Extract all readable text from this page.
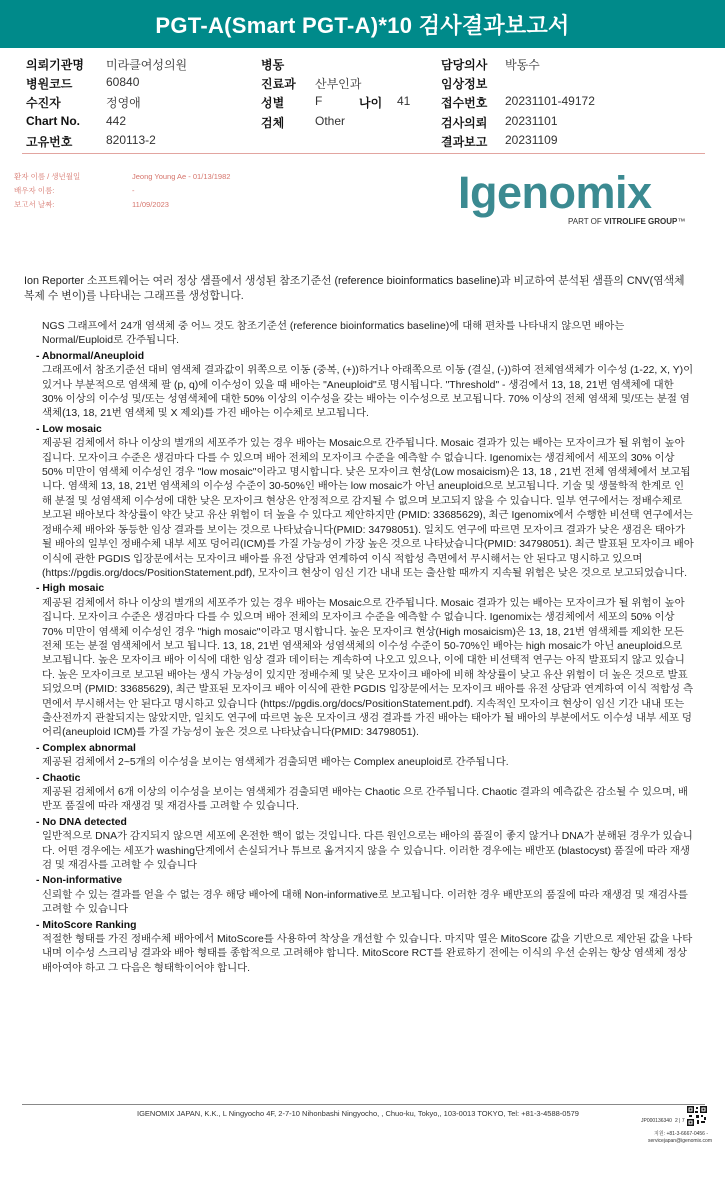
PGT-A(Smart PGT-A)*10 검사결과보고서
의뢰기관명 미라클여성의원
병원코드	60840
수진자	정영애
Chart No. 442
고유번호	820113-2
병동
진료과 산부인과
성별	F	나이 41
검체	Other
담당의사 박동수
임상정보
접수번호 20231101-49172
검사의뢰 20231101
결과보고 20231109
환자 이름 / 생년월일	Jeong Young Ae - 01/13/1982
배우자 이름:	-
보고서 날짜:	11/09/2023	Igenomix
PART OF VITROLIFE GROUP™
Ion Reporter 소프트웨어는 여러 정상 샘플에서 생성된 참조기준선 (reference bioinformatics baseline)과 비교하여 분석된 샘플의 CNV(염색체 복제 수 변이)를 나타내는 그래프를 생성합니다.

NGS 그래프에서 24개 염색체 중 어느 것도 참조기준선 (reference bioinformatics baseline)에 대해 편차를 나타내지 않으면 배아는 Normal/Euploid로 간주됩니다.

- Abnormal/Aneuploid

그래프에서 참조기준선 대비 염색체 결과값이 위쪽으로 이동 (중복, (+))하거나 아래쪽으로 이동 (결실, (-))하여 전체염색체가 이수성 (1-22, X, Y)이 있거나 부분적으로 염색체 팔 (p, q)에 이수성이 있을 때 배아는 "Aneuploid"로 명시됩니다. "Threshold" - 생검에서 13, 18, 21번 염색체에 대한 30% 이상의 이수성 및/또는 성염색체에 대한 50% 이상의 이수성을 갖는 배아는 이수성으로 보고됩니다. 70% 이상의 전체 염색체 및/또는 분절 염색체(13, 18, 21번 염색체 및 X 제외)를 가진 배아는 이수체로 보고됩니다.

- Low mosaic

제공된 검체에서 하나 이상의 별개의 세포주가 있는 경우 배아는 Mosaic으로 간주됩니다. Mosaic 결과가 있는 배아는 모자이크가 될 위험이 높아집니다. 모자이크 수준은 생검마다 다를 수 있으며 배아 전체의 모자이크 수준을 예측할 수 없습니다. Igenomix는 생검체에서 세포의 30% 이상 50% 미만이 염색체 이수성인 경우 "low mosaic"이라고 명시합니다. 낮은 모자이크 현상(Low mosaicism)은 13, 18 , 21번 전체 염색체에서 보고됩니다. 염색체 13, 18, 21번 염색체의 이수성 수준이 30-50%인 배아는 low mosaic가 아닌 aneuploid으로 보고됩니다. 기술 및 생물학적 한계로 인해 분절 및 성염색체 이수성에 대한 낮은 모자이크 현상은 안정적으로 감지될 수 없으며 보고되지 않을 수 있습니다. 일부 연구에서는 정배수체로 보고된 배아보다 착상률이 약간 낮고 유산 위험이 더 높을 수 있다고 제안하지만 (PMID: 33685629), 최근 Igenomix에서 수행한 비선택 연구에서는 정배수체 배아와 동등한 임상 결과를 보이는 것으로 나타났습니다(PMID: 34798051). 일치도 연구에 따르면 모자이크 결과가 낮은 생검은 태아가 될 배아의 일부인 정배수체 내부 세포 덩어리(ICM)를 가질 가능성이 가장 높은 것으로 나타났습니다(PMID: 34798051). 최근 발표된 모자이크 배아 이식에 관한 PGDIS 입장문에서는 모자이크 배아를 유전 상담과 연계하여 이식 적합성 측면에서 무시해서는 안 된다고 명시하고 있으며 (https://pgdis.org/docs/PositionStatement.pdf), 모자이크 현상이 임신 기간 내내 또는 출산할 때까지 지속될 위험은 낮은 것으로 보고되었습니다.

- High mosaic

제공된 검체에서 하나 이상의 별개의 세포주가 있는 경우 배아는 Mosaic으로 간주됩니다. Mosaic 결과가 있는 배아는 모자이크가 될 위험이 높아집니다. 모자이크 수준은 생검마다 다를 수 있으며 배아 전체의 모자이크 수준을 예측할 수 없습니다. Igenomix는 생검체에서 세포의 50% 이상 70% 미만이 염색체 이수성인 경우 "high mosaic"이라고 명시합니다. 높은 모자이크 현상(High mosaicism)은 13, 18, 21번 염색체를 제외한 모든 전체 또는 분절 염색체에서 보고 됩니다. 13, 18, 21번 염색체와 성염색체의 이수성 수준이 50-70%인 배아는 high mosaic가 아닌 aneuploid으로 보고됩니다. 높은 모자이크 배아 이식에 대한 임상 결과 데이터는 계속하여 나오고 있으나, 이에 대한 비선택적 연구는 아직 발표되지 않고 있습니다. 높은 모자이크로 보고된 배아는 생식 가능성이 있지만 정배수체 및 낮은 모자이크 배아에 비해 착상률이 낮고 유산 위험이 더 높은 것으로 발표되었으며 (PMID: 33685629), 최근 발표된 모자이크 배아 이식에 관한 PGDIS 입장문에서는 모자이크 배아를 유전 상담과 연계하여 이식 적합성 측면에서 무시해서는 안 된다고 명시하고 있습니다 (https://pgdis.org/docs/PositionStatement.pdf). 지속적인 모자이크 현상이 임신 기간 내내 또는 출산전까지 관찰되지는 않았지만, 일치도 연구에 따르면 높은 모자이크 생검 결과를 가진 배아는 태아가 될 배아의 부분에서도 이수성 내부 세포 덩어리(aneuploid ICM)를 가질 가능성이 높은 것으로 나타났습니다(PMID: 34798051).

- Complex abnormal

제공된 검체에서 2~5개의 이수성을 보이는 염색체가 검출되면 배아는 Complex aneuploid로 간주됩니다.

- Chaotic

제공된 검체에서 6개 이상의 이수성을 보이는 염색체가 검출되면 배아는 Chaotic 으로 간주됩니다. Chaotic 결과의 예측값은 감소될 수 있으며, 배반포 품질에 따라 재생검 및 재검사를 고려할 수 있습니다.

- No DNA detected

일반적으로 DNA가 감지되지 않으면 세포에 온전한 핵이 없는 것입니다. 다른 원인으로는 배아의 품질이 좋지 않거나 DNA가 분해된 경우가 있습니다. 어떤 경우에는 세포가 washing단계에서 손실되거나 튜브로 옮겨지지 않을 수 있습니다. 이러한 경우에는 배반포 (blastocyst) 품질에 따라 재생검 및 재검사를 고려할 수 있습니다

- Non-informative

신뢰할 수 있는 결과를 얻을 수 없는 경우 해당 배아에 대해 Non-informative로 보고됩니다. 이러한 경우 배반포의 품질에 따라 재생검 및 재검사를 고려할 수 있습니다

- MitoScore Ranking

적절한 형태를 가진 정배수체 배아에서 MitoScore를 사용하여 착상을 개선할 수 있습니다. 마지막 열은 MitoScore 값을 기반으로 제안된 값을 나타내며 이수성 스크리닝 결과와 배아 형태를 종합적으로 고려해야 합니다. MitoScore RCT를 완료하기 전에는 이식의 우선 순위는 항상 염색체 정상 배아여야 하고 그 다음은 형태학이어야 합니다.

IGENOMIX JAPAN, K.K., L Ningyocho 4F, 2-7-10 Nihonbashi Ningyocho, , Chuo-ku, Tokyo,, 103-0013 TOKYO, Tel: +81-3-4588-0579
JP000136340 2 | 7
지원: +81-3-6667-0456 -
servicejapan@igenomix.com
